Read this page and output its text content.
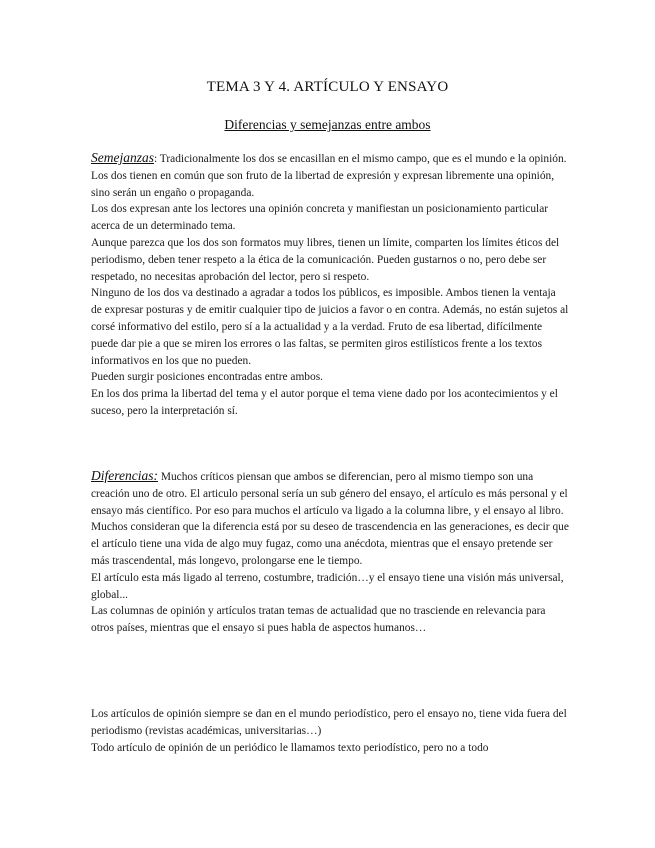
TEMA 3 Y 4. ARTÍCULO Y ENSAYO
Diferencias y semejanzas entre ambos

Semejanzas: Tradicionalmente los dos se encasillan en el mismo campo, que es el mundo e la opinión. Los dos tienen en común que son fruto de la libertad de expresión y expresan libremente una opinión, sino serán un engaño o propaganda.

Los dos expresan ante los lectores una opinión concreta y manifiestan un posicionamiento particular acerca de un determinado tema.

Aunque parezca que los dos son formatos muy libres, tienen un límite, comparten los límites éticos del periodismo, deben tener respeto a la ética de la comunicación. Pueden gustarnos o no, pero debe ser respetado, no necesitas aprobación del lector, pero si respeto.

Ninguno de los dos va destinado a agradar a todos los públicos, es imposible. Ambos tienen la ventaja de expresar posturas y de emitir cualquier tipo de juicios a favor o en contra. Además, no están sujetos al corsé informativo del estilo, pero sí a la actualidad y a la verdad. Fruto de esa libertad, difícilmente puede dar pie a que se miren los errores o las faltas, se permiten giros estilísticos frente a los textos informativos en los que no pueden.

Pueden surgir posiciones encontradas entre ambos.

En los dos prima la libertad del tema y el autor porque el tema viene dado por los acontecimientos y el suceso, pero la interpretación sí.

Diferencias: Muchos críticos piensan que ambos se diferencian, pero al mismo tiempo son una creación uno de otro. El articulo personal sería un sub género del ensayo, el artículo es más personal y el ensayo más científico. Por eso para muchos el artículo va ligado a la columna libre, y el ensayo al libro.

Muchos consideran que la diferencia está por su deseo de trascendencia en las generaciones, es decir que el artículo tiene una vida de algo muy fugaz, como una anécdota, mientras que el ensayo pretende ser más trascendental, más longevo, prolongarse ene le tiempo.

El artículo esta más ligado al terreno, costumbre, tradición…y el ensayo tiene una visión más universal, global...

Las columnas de opinión y artículos tratan temas de actualidad que no trasciende en relevancia para otros países, mientras que el ensayo si pues habla de aspectos humanos…

Los artículos de opinión siempre se dan en el mundo periodístico, pero el ensayo no, tiene vida fuera del periodismo (revistas académicas, universitarias…)

Todo artículo de opinión de un periódico le llamamos texto periodístico, pero no a todo
